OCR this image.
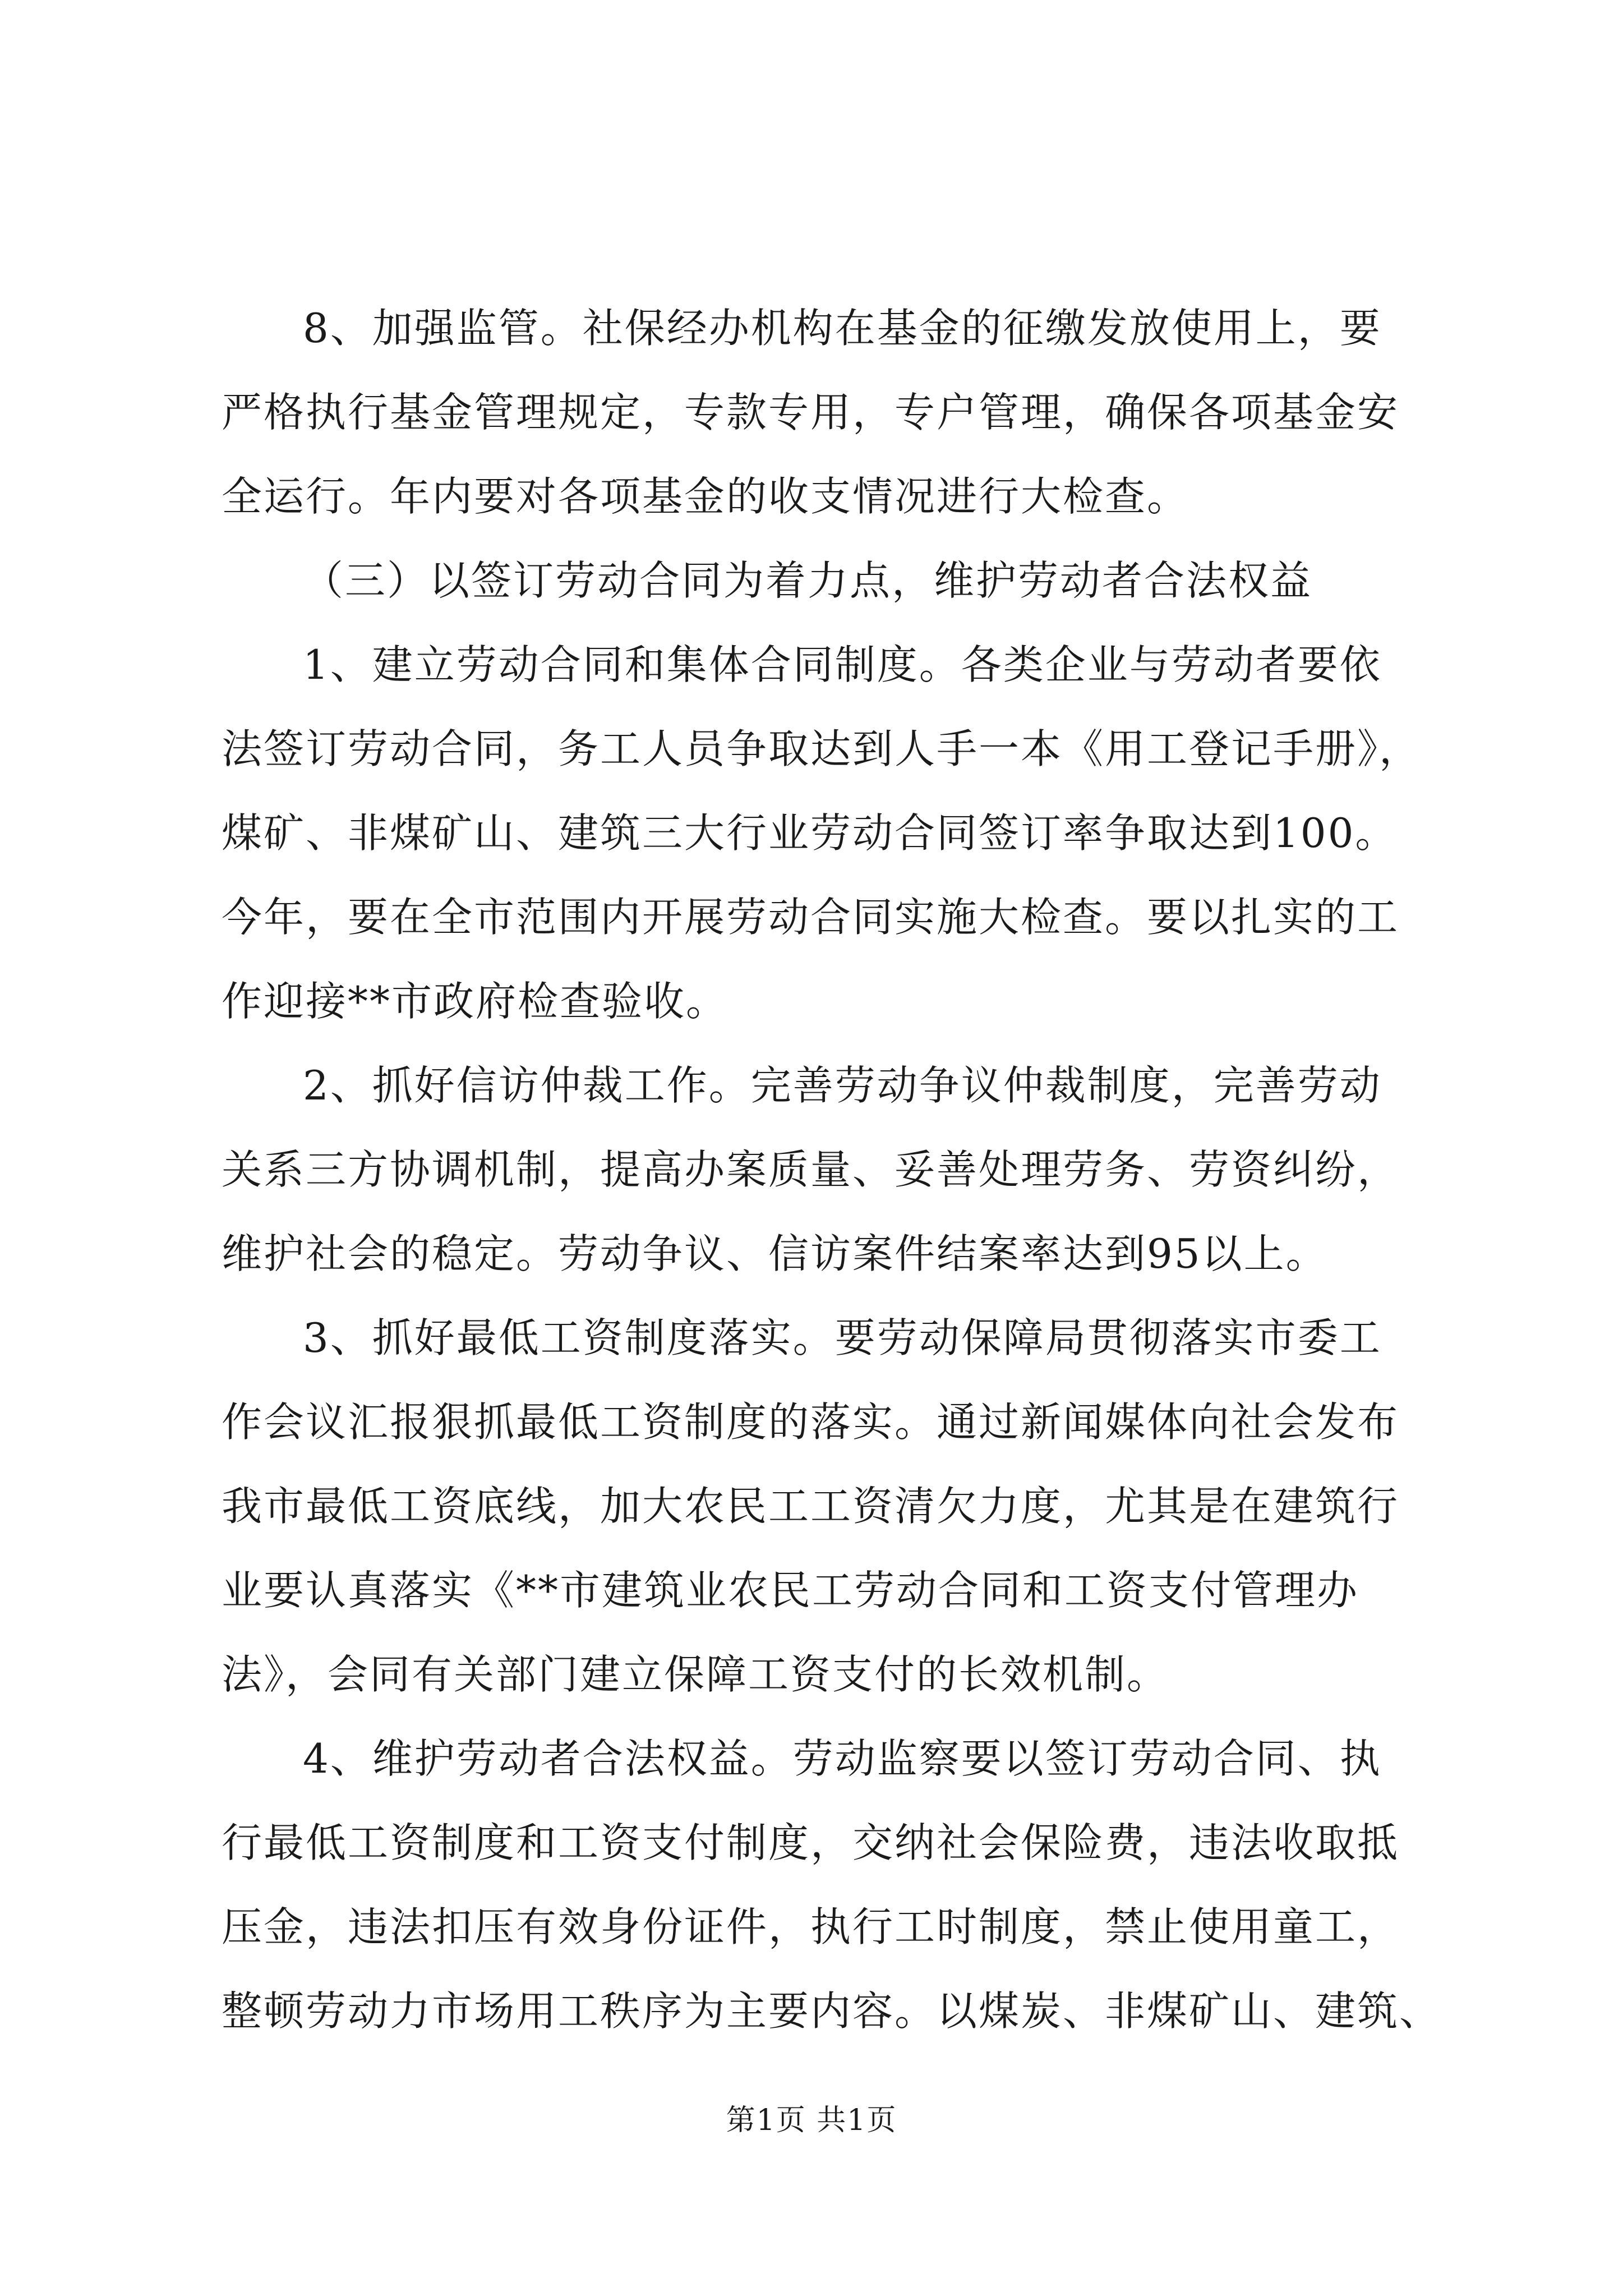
8、加强监管。社保经办机构在基金的征缴发放使用上，要
严格执行基金管理规定，专款专用，专户管理，确保各项基金安
全运行。年内要对各项基金的收支情况进行大检查。
（三）以签订劳动合同为着力点，维护劳动者合法权益
1、建立劳动合同和集体合同制度。各类企业与劳动者要依
法签订劳动合同，务工人员争取达到人手一本《用工登记手册》，
煤矿、非煤矿山、建筑三大行业劳动合同签订率争取达到100。
今年，要在全市范围内开展劳动合同实施大检查。要以扎实的工
作迎接**市政府检查验收。
2、抓好信访仲裁工作。完善劳动争议仲裁制度，完善劳动
关系三方协调机制，提高办案质量、妥善处理劳务、劳资纠纷，
维护社会的稳定。劳动争议、信访案件结案率达到95以上。
3、抓好最低工资制度落实。要劳动保障局贯彻落实市委工
作会议汇报狠抓最低工资制度的落实。通过新闻媒体向社会发布
我市最低工资底线，加大农民工工资清欠力度，尤其是在建筑行
业要认真落实《**市建筑业农民工劳动合同和工资支付管理办
法》，会同有关部门建立保障工资支付的长效机制。
4、维护劳动者合法权益。劳动监察要以签订劳动合同、执
行最低工资制度和工资支付制度，交纳社会保险费，违法收取抵
压金，违法扣压有效身份证件，执行工时制度，禁止使用童工，
整顿劳动力市场用工秩序为主要内容。以煤炭、非煤矿山、建筑、
第1页 共1页
